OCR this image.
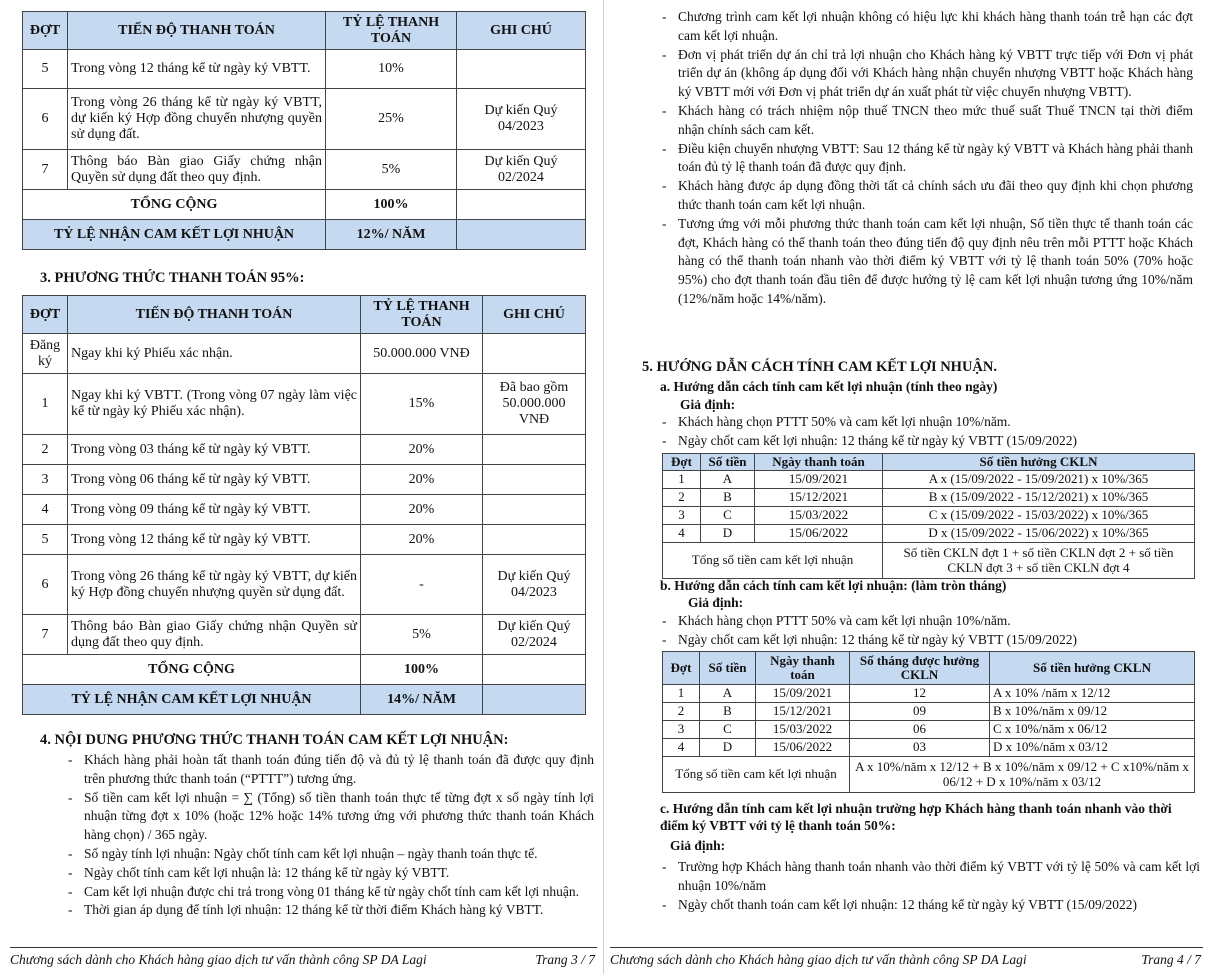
ĐỢT	TIẾN ĐỘ THANH TOÁN	TỶ LỆ THANH TOÁN	GHI CHÚ
5	Trong vòng 12 tháng kể từ ngày ký VBTT.	10%	
6	Trong vòng 26 tháng kể từ ngày ký VBTT, dự kiến ký Hợp đồng chuyển nhượng quyền sử dụng đất.	25%	Dự kiến Quý 04/2023
7	Thông báo Bàn giao Giấy chứng nhận Quyền sử dụng đất theo quy định.	5%	Dự kiến Quý 02/2024
TỔNG CỘNG		100%	
TỶ LỆ NHẬN CAM KẾT LỢI NHUẬN		12%/ NĂM	
3. PHƯƠNG THỨC THANH TOÁN 95%:
ĐỢT	TIẾN ĐỘ THANH TOÁN	TỶ LỆ THANH TOÁN	GHI CHÚ
Đăng ký	Ngay khi ký Phiếu xác nhận.	50.000.000 VNĐ	
1	Ngay khi ký VBTT. (Trong vòng 07 ngày làm việc kể từ ngày ký Phiếu xác nhận).	15%	Đã bao gồm 50.000.000 VNĐ
2	Trong vòng 03 tháng kể từ ngày ký VBTT.	20%	
3	Trong vòng 06 tháng kể từ ngày ký VBTT.	20%	
4	Trong vòng 09 tháng kể từ ngày ký VBTT.	20%	
5	Trong vòng 12 tháng kể từ ngày ký VBTT.	20%	
6	Trong vòng 26 tháng kể từ ngày ký VBTT, dự kiến ký Hợp đồng chuyển nhượng quyền sử dụng đất.	-	Dự kiến Quý 04/2023
7	Thông báo Bàn giao Giấy chứng nhận Quyền sử dụng đất theo quy định.	5%	Dự kiến Quý 02/2024
TỔNG CỘNG		100%	
TỶ LỆ NHẬN CAM KẾT LỢI NHUẬN		14%/ NĂM	
4. NỘI DUNG PHƯƠNG THỨC THANH TOÁN CAM KẾT LỢI NHUẬN:
- Khách hàng phải hoàn tất thanh toán đúng tiến độ và đủ tỷ lệ thanh toán đã được quy định trên phương thức thanh toán (“PTTT”) tương ứng.
- Số tiền cam kết lợi nhuận = ∑ (Tổng) số tiền thanh toán thực tế từng đợt x số ngày tính lợi nhuận từng đợt x 10% (hoặc 12% hoặc 14% tương ứng với phương thức thanh toán Khách hàng chọn) / 365 ngày.
- Số ngày tính lợi nhuận: Ngày chốt tính cam kết lợi nhuận – ngày thanh toán thực tế.
- Ngày chốt tính cam kết lợi nhuận là: 12 tháng kể từ ngày ký VBTT.
- Cam kết lợi nhuận được chi trả trong vòng 01 tháng kể từ ngày chốt tính cam kết lợi nhuận.
- Thời gian áp dụng để tính lợi nhuận: 12 tháng kể từ thời điểm Khách hàng ký VBTT.
Chương sách dành cho Khách hàng giao dịch tư vấn thành công SP DA Lagi	Trang 3 / 7
- Chương trình cam kết lợi nhuận không có hiệu lực khi khách hàng thanh toán trễ hạn các đợt cam kết lợi nhuận.
- Đơn vị phát triển dự án chỉ trả lợi nhuận cho Khách hàng ký VBTT trực tiếp với Đơn vị phát triển dự án (không áp dụng đối với Khách hàng nhận chuyển nhượng VBTT hoặc Khách hàng ký VBTT mới với Đơn vị phát triển dự án xuất phát từ việc chuyển nhượng VBTT).
- Khách hàng có trách nhiệm nộp thuế TNCN theo mức thuế suất Thuế TNCN tại thời điểm nhận chính sách cam kết.
- Điều kiện chuyển nhượng VBTT: Sau 12 tháng kể từ ngày ký VBTT và Khách hàng phải thanh toán đủ tỷ lệ thanh toán đã được quy định.
- Khách hàng được áp dụng đồng thời tất cả chính sách ưu đãi theo quy định khi chọn phương thức thanh toán cam kết lợi nhuận.
- Tương ứng với mỗi phương thức thanh toán cam kết lợi nhuận, Số tiền thực tế thanh toán các đợt, Khách hàng có thể thanh toán theo đúng tiến độ quy định nêu trên mỗi PTTT hoặc Khách hàng có thể thanh toán nhanh vào thời điểm ký VBTT với tỷ lệ thanh toán 50% (70% hoặc 95%) cho đợt thanh toán đầu tiên để được hưởng tỷ lệ cam kết lợi nhuận tương ứng 10%/năm (12%/năm hoặc 14%/năm).
5. HƯỚNG DẪN CÁCH TÍNH CAM KẾT LỢI NHUẬN.
a. Hướng dẫn cách tính cam kết lợi nhuận (tính theo ngày)
Giả định:
- Khách hàng chọn PTTT 50% và cam kết lợi nhuận 10%/năm.
- Ngày chốt cam kết lợi nhuận: 12 tháng kể từ ngày ký VBTT (15/09/2022)
Đợt	Số tiền	Ngày thanh toán	Số tiền hưởng CKLN
1	A	15/09/2021	A x (15/09/2022 - 15/09/2021) x 10%/365
2	B	15/12/2021	B x (15/09/2022 - 15/12/2021) x 10%/365
3	C	15/03/2022	C x (15/09/2022 - 15/03/2022) x 10%/365
4	D	15/06/2022	D x (15/09/2022 - 15/06/2022) x 10%/365
Tổng số tiền cam kết lợi nhuận			Số tiền CKLN đợt 1 + số tiền CKLN đợt 2 + số tiền CKLN đợt 3 + số tiền CKLN đợt 4
b. Hướng dẫn cách tính cam kết lợi nhuận: (làm tròn tháng)
Giả định:
- Khách hàng chọn PTTT 50% và cam kết lợi nhuận 10%/năm.
- Ngày chốt cam kết lợi nhuận: 12 tháng kể từ ngày ký VBTT (15/09/2022)
Đợt	Số tiền	Ngày thanh toán	Số tháng được hưởng CKLN	Số tiền hưởng CKLN
1	A	15/09/2021	12	A x 10% /năm x 12/12
2	B	15/12/2021	09	B x 10%/năm x 09/12
3	C	15/03/2022	06	C x 10%/năm x 06/12
4	D	15/06/2022	03	D x 10%/năm x 03/12
Tổng số tiền cam kết lợi nhuận			A x 10%/năm x 12/12 + B x 10%/năm x 09/12 + C x10%/năm x 06/12 + D x 10%/năm x 03/12	
c. Hướng dẫn tính cam kết lợi nhuận trường hợp Khách hàng thanh toán nhanh vào thời điểm ký VBTT với tỷ lệ thanh toán 50%:
Giả định:
- Trường hợp Khách hàng thanh toán nhanh vào thời điểm ký VBTT với tỷ lệ 50% và cam kết lợi nhuận 10%/năm
- Ngày chốt thanh toán cam kết lợi nhuận: 12 tháng kể từ ngày ký VBTT (15/09/2022)
Chương sách dành cho Khách hàng giao dịch tư vấn thành công SP DA Lagi	Trang 4 / 7
